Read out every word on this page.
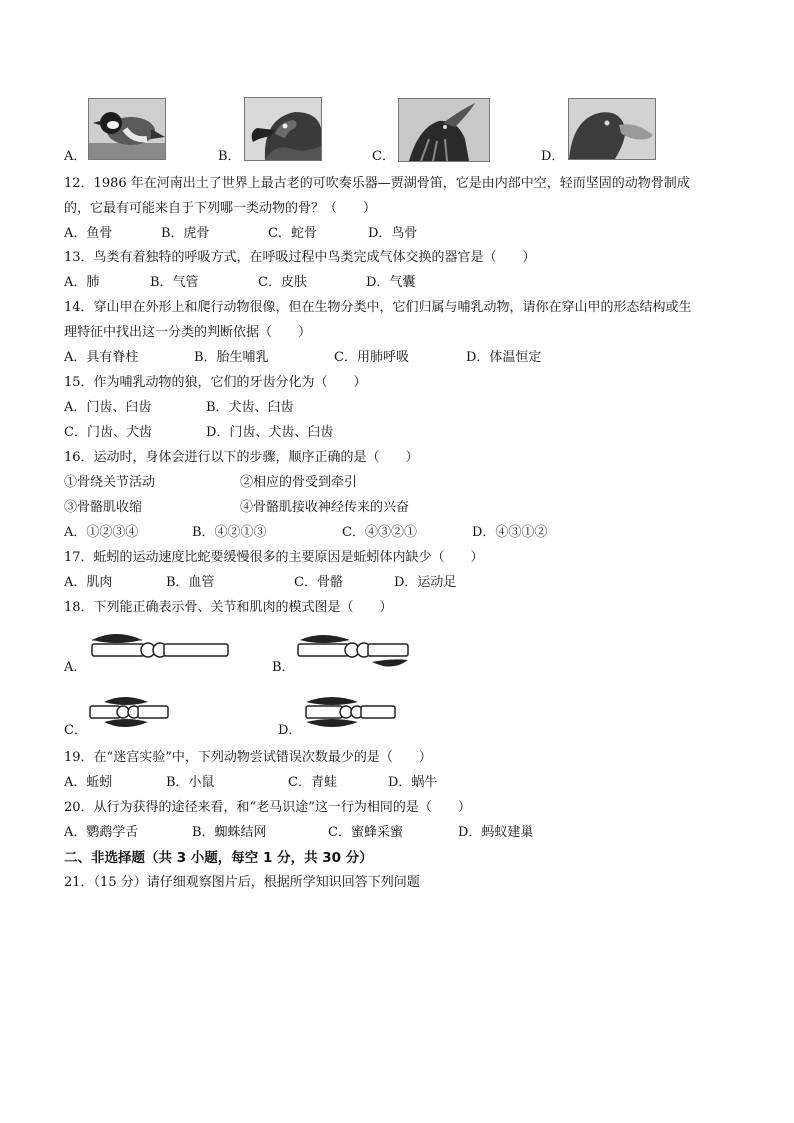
A．	B．	C．	D．
12．1986 年在河南出土了世界上最古老的可吹奏乐器—贾湖骨笛，它是由内部中空，轻而坚固的动物骨制成
的，它最有可能来自于下列哪一类动物的骨？（　　）
A．鱼骨	B．虎骨	C．蛇骨	D．鸟骨
13．鸟类有着独特的呼吸方式，在呼吸过程中鸟类完成气体交换的器官是（　　）
A．肺	B．气管	C．皮肤	D．气囊
14．穿山甲在外形上和爬行动物很像，但在生物分类中，它们归属与哺乳动物，请你在穿山甲的形态结构或生
理特征中找出这一分类的判断依据（　　）
A．具有脊柱	B．胎生哺乳	C．用肺呼吸	D．体温恒定
15．作为哺乳动物的狼，它们的牙齿分化为（　　）
A．门齿、臼齿	B．犬齿、臼齿
C．门齿、犬齿	D．门齿、犬齿、臼齿
16．运动时，身体会进行以下的步骤，顺序正确的是（　　）
①骨绕关节活动	②相应的骨受到牵引
③骨骼肌收缩	④骨骼肌接收神经传来的兴奋
A．①②③④	B．④②①③	C．④③②①	D．④③①②
17．蚯蚓的运动速度比蛇要缓慢很多的主要原因是蚯蚓体内缺少（　　）
A．肌肉	B．血管	C．骨骼	D．运动足
18．下列能正确表示骨、关节和肌肉的模式图是（　　）
A．	B．
C．	D．
19．在“迷宫实验”中，下列动物尝试错误次数最少的是（　　）
A．蚯蚓	B．小鼠	C．青蛙	D．蜗牛
20．从行为获得的途径来看，和“老马识途”这一行为相同的是（　　）
A．鹦鹉学舌	B．蜘蛛结网	C．蜜蜂采蜜	D．蚂蚁建巢
二、非选择题（共 3 小题，每空 1 分，共 30 分）
21．（15 分）请仔细观察图片后，根据所学知识回答下列问题
